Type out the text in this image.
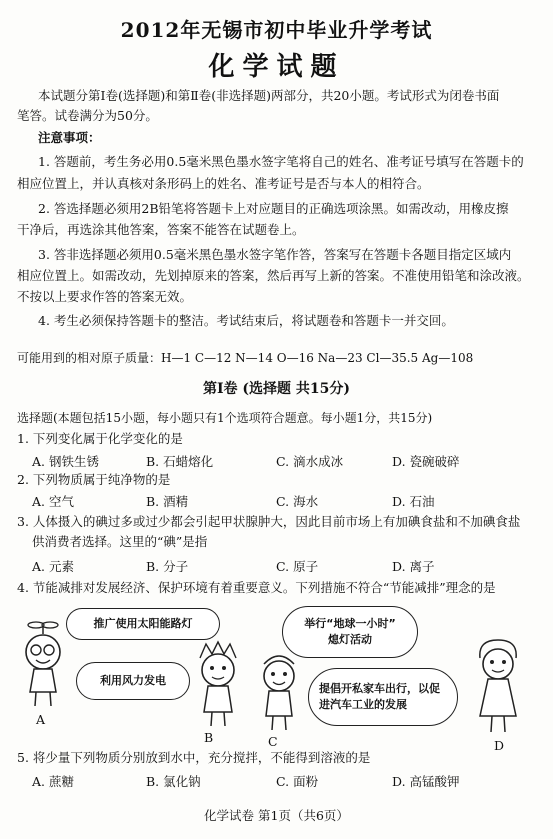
2012年无锡市初中毕业升学考试
化学试题
本试题分第Ⅰ卷(选择题)和第Ⅱ卷(非选择题)两部分，共20小题。考试形式为闭卷书面
笔答。试卷满分为50分。
注意事项：
1. 答题前，考生务必用0.5毫米黑色墨水签字笔将自己的姓名、准考证号填写在答题卡的
相应位置上，并认真核对条形码上的姓名、准考证号是否与本人的相符合。
2. 答选择题必须用2B铅笔将答题卡上对应题目的正确选项涂黑。如需改动，用橡皮擦
干净后，再选涂其他答案，答案不能答在试题卷上。
3. 答非选择题必须用0.5毫米黑色墨水签字笔作答，答案写在答题卡各题目指定区域内
相应位置上。如需改动，先划掉原来的答案，然后再写上新的答案。不准使用铅笔和涂改液。
不按以上要求作答的答案无效。
4. 考生必须保持答题卡的整洁。考试结束后，将试题卷和答题卡一并交回。
可能用到的相对原子质量：H—1 C—12 N—14 O—16 Na—23 Cl—35.5 Ag—108
第Ⅰ卷 (选择题 共15分)
选择题(本题包括15小题，每小题只有1个选项符合题意。每小题1分，共15分)
1. 下列变化属于化学变化的是
A. 钢铁生锈	B. 石蜡熔化	C. 滴水成冰	D. 瓷碗破碎
2. 下列物质属于纯净物的是
A. 空气	B. 酒精	C. 海水	D. 石油
3. 人体摄入的碘过多或过少都会引起甲状腺肿大，因此目前市场上有加碘食盐和不加碘食盐
供消费者选择。这里的“碘”是指
A. 元素	B. 分子	C. 原子	D. 离子
4. 节能减排对发展经济、保护环境有着重要意义。下列措施不符合“节能减排”理念的是
推广使用太阳能路灯
利用风力发电
举行“地球一小时”
熄灯活动
提倡开私家车出行，以促
进汽车工业的发展
A
B	C	D
5. 将少量下列物质分别放到水中，充分搅拌，不能得到溶液的是
A. 蔗糖	B. 氯化钠	C. 面粉	D. 高锰酸钾
化学试卷 第1页（共6页）
